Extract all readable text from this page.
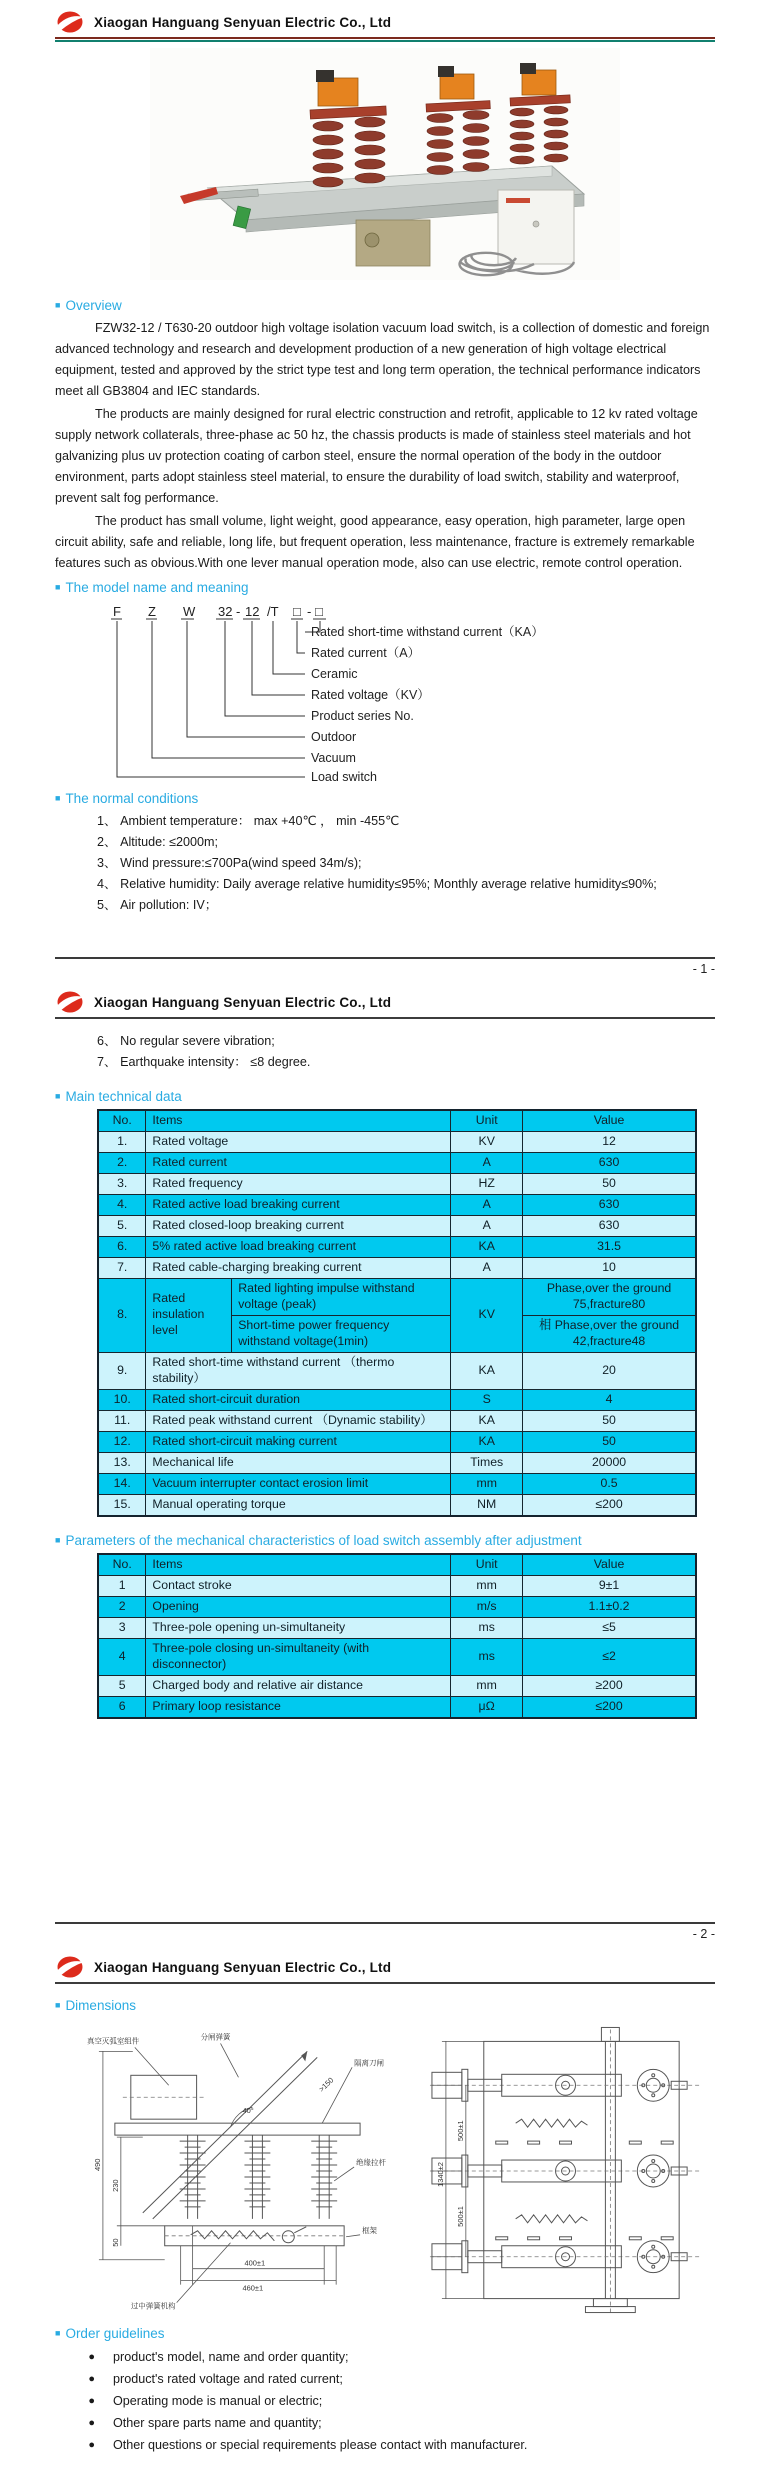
Xiaogan Hanguang Senyuan Electric Co., Ltd
■ Overview

FZW32-12 / T630-20 outdoor high voltage isolation vacuum load switch, is a collection of domestic and foreign advanced technology and research and development production of a new generation of high voltage electrical equipment, tested and approved by the strict type test and long term operation, the technical performance indicators meet all GB3804 and IEC standards.

The products are mainly designed for rural electric construction and retrofit, applicable to 12 kv rated voltage supply network collaterals, three-phase ac 50 hz, the chassis products is made of stainless steel materials and hot galvanizing plus uv protection coating of carbon steel, ensure the normal operation of the body in the outdoor environment, parts adopt stainless steel material, to ensure the durability of load switch, stability and waterproof, prevent salt fog performance.

The product has small volume, light weight, good appearance, easy operation, high parameter, large open circuit ability, safe and reliable, long life, but frequent operation, less maintenance, fracture is extremely remarkable features such as obvious.With one lever manual operation mode, also can use electric, remote control operation.

■ The model name and meaning
F Z W 32 - 12 /T □ - □
Rated short-time withstand current（KA）
Rated current（A）
Ceramic
Rated voltage（KV）
Product series No.
Outdoor
Vacuum
Load switch
■ The normal conditions
1、 Ambient temperature： max +40℃ ， min -455℃
2、 Altitude: ≤2000m;
3、 Wind pressure:≤700Pa(wind speed 34m/s);
4、 Relative humidity: Daily average relative humidity≤95%; Monthly average relative humidity≤90%;
5、 Air pollution: IV；
- 1 -
Xiaogan Hanguang Senyuan Electric Co., Ltd
6、 No regular severe vibration;
7、 Earthquake intensity： ≤8 degree.
■ Main technical data
No.	Items		Unit	Value
1.	Rated voltage		KV	12
2.	Rated current		A	630
3.	Rated frequency		HZ	50
4.	Rated active load breaking current		A	630
5.	Rated closed-loop breaking current		A	630
6.	5% rated active load breaking current		KA	31.5
7.	Rated cable-charging breaking current		A	10
8.	Rated insulation level	Rated lighting impulse withstand voltage (peak)	KV	Phase,over the ground 75,fracture80
		Short-time power frequency withstand voltage(1min)		相 Phase,over the ground 42,fracture48
9.	Rated short-time withstand current （thermo stability）		KA	20
10.	Rated short-circuit duration		S	4
11.	Rated peak withstand current （Dynamic stability）		KA	50
12.	Rated short-circuit making current		KA	50
13.	Mechanical life		Times	20000
14.	Vacuum interrupter contact erosion limit		mm	0.5
15.	Manual operating torque		NM	≤200
■ Parameters of the mechanical characteristics of load switch assembly after adjustment
No.	Items	Unit	Value
1	Contact stroke	mm	9±1
2	Opening	m/s	1.1±0.2
3	Three-pole opening un-simultaneity	ms	≤5
4	Three-pole closing un-simultaneity (with disconnector)	ms	≤2
5	Charged body and relative air distance	mm	≥200
6	Primary loop resistance	μΩ	≤200
- 2 -
Xiaogan Hanguang Senyuan Electric Co., Ltd
■ Dimensions
>150
40°
490
230
50
400±1
460±1
真空灭弧室组件	分闸弹簧
隔离刀闸
绝缘拉杆
框架
过中弹簧机构
1340±2
500±1
500±1
■ Order guidelines
●	product's model, name and order quantity;
●	product's rated voltage and rated current;
●	Operating mode is manual or electric;
●	Other spare parts name and quantity;
●	Other questions or special requirements please contact with manufacturer.
